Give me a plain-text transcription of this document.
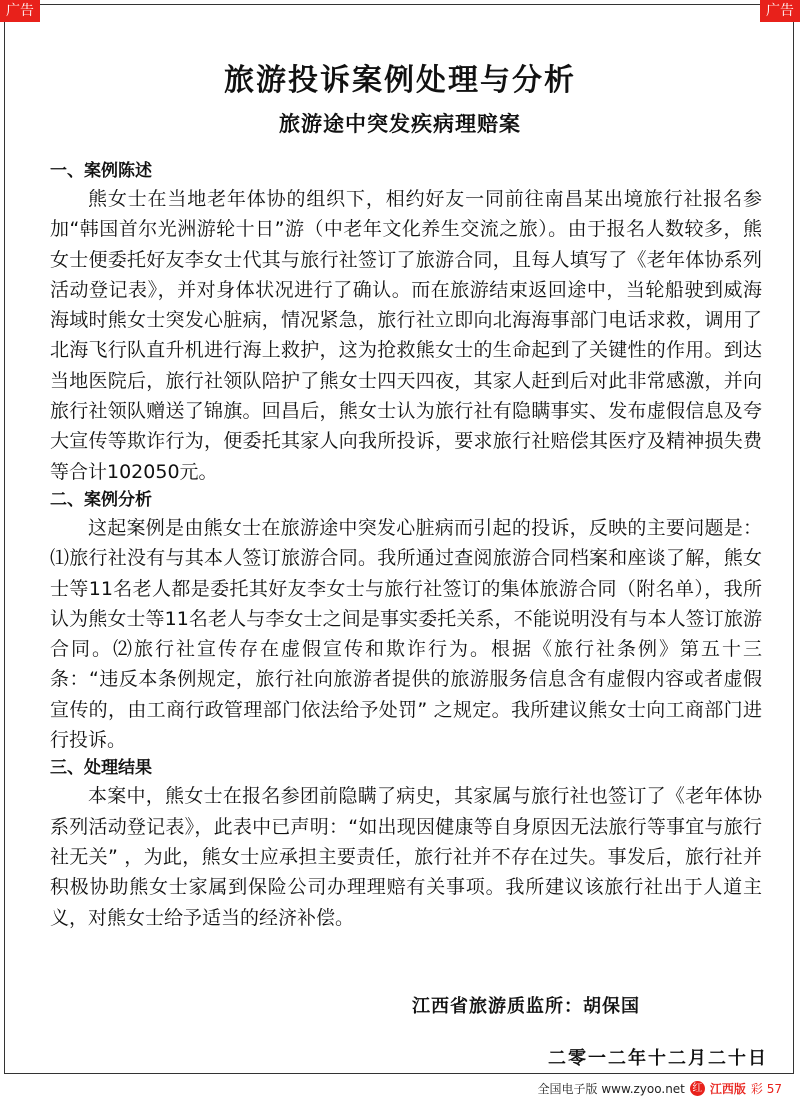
广告	广告
旅游投诉案例处理与分析
旅游途中突发疾病理赔案
一、案例陈述

熊女士在当地老年体协的组织下，相约好友一同前往南昌某出境旅行社报名参加“韩国首尔光洲游轮十日”游（中老年文化养生交流之旅）。由于报名人数较多，熊女士便委托好友李女士代其与旅行社签订了旅游合同，且每人填写了《老年体协系列活动登记表》，并对身体状况进行了确认。而在旅游结束返回途中，当轮船驶到威海海域时熊女士突发心脏病，情况紧急，旅行社立即向北海海事部门电话求救，调用了北海飞行队直升机进行海上救护，这为抢救熊女士的生命起到了关键性的作用。到达当地医院后，旅行社领队陪护了熊女士四天四夜，其家人赶到后对此非常感激，并向旅行社领队赠送了锦旗。回昌后，熊女士认为旅行社有隐瞒事实、发布虚假信息及夸大宣传等欺诈行为，便委托其家人向我所投诉，要求旅行社赔偿其医疗及精神损失费等合计102050元。

二、案例分析

这起案例是由熊女士在旅游途中突发心脏病而引起的投诉，反映的主要问题是：⑴旅行社没有与其本人签订旅游合同。我所通过查阅旅游合同档案和座谈了解，熊女士等11名老人都是委托其好友李女士与旅行社签订的集体旅游合同（附名单），我所认为熊女士等11名老人与李女士之间是事实委托关系，不能说明没有与本人签订旅游合同。⑵旅行社宣传存在虚假宣传和欺诈行为。根据《旅行社条例》第五十三条：“违反本条例规定，旅行社向旅游者提供的旅游服务信息含有虚假内容或者虚假宣传的，由工商行政管理部门依法给予处罚” 之规定。我所建议熊女士向工商部门进行投诉。

三、处理结果

本案中，熊女士在报名参团前隐瞒了病史，其家属与旅行社也签订了《老年体协系列活动登记表》，此表中已声明：“如出现因健康等自身原因无法旅行等事宜与旅行社无关” ，为此，熊女士应承担主要责任，旅行社并不存在过失。事发后，旅行社并积极协助熊女士家属到保险公司办理理赔有关事项。我所建议该旅行社出于人道主义，对熊女士给予适当的经济补偿。

江西省旅游质监所：胡保国
二零一二年十二月二十日
全国电子版 www.zyoo.net 红 江西版 彩 57
